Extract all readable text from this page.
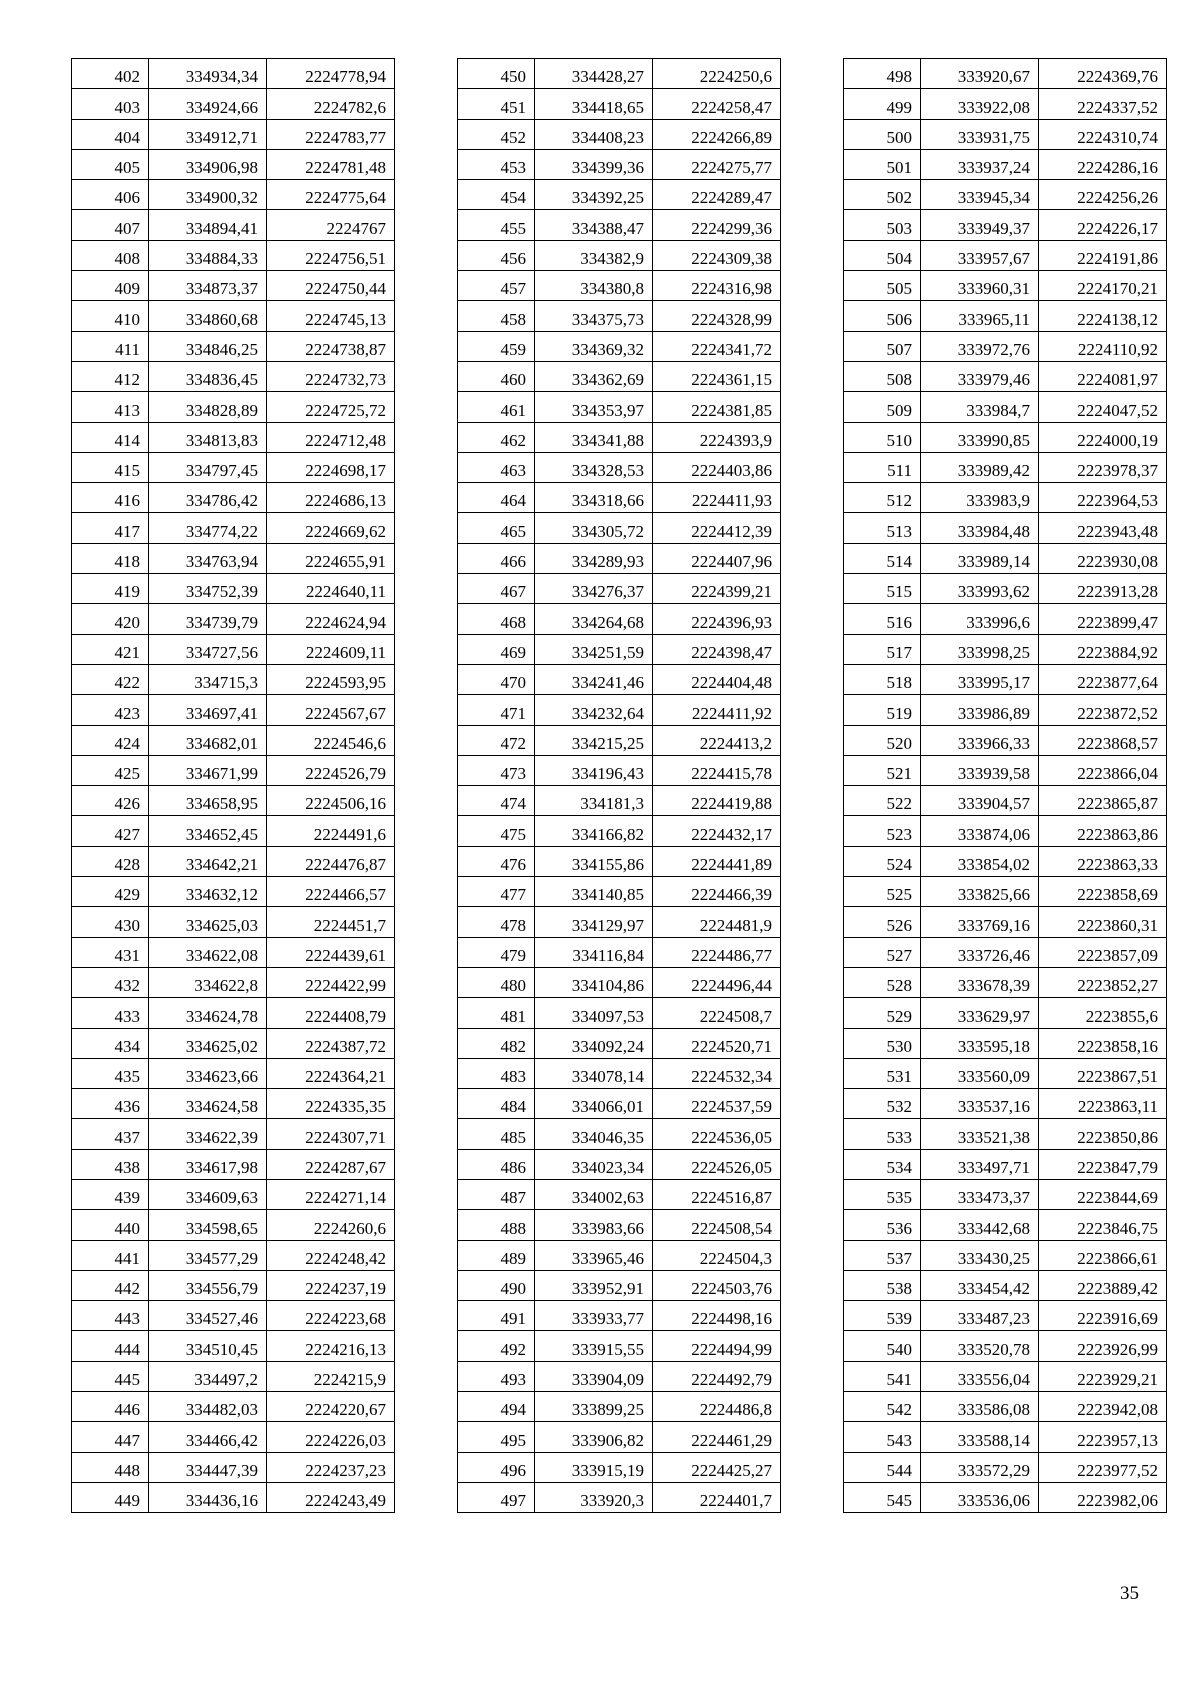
402	334934,34	2224778,94
403	334924,66	2224782,6
404	334912,71	2224783,77
405	334906,98	2224781,48
406	334900,32	2224775,64
407	334894,41	2224767
408	334884,33	2224756,51
409	334873,37	2224750,44
410	334860,68	2224745,13
411	334846,25	2224738,87
412	334836,45	2224732,73
413	334828,89	2224725,72
414	334813,83	2224712,48
415	334797,45	2224698,17
416	334786,42	2224686,13
417	334774,22	2224669,62
418	334763,94	2224655,91
419	334752,39	2224640,11
420	334739,79	2224624,94
421	334727,56	2224609,11
422	334715,3	2224593,95
423	334697,41	2224567,67
424	334682,01	2224546,6
425	334671,99	2224526,79
426	334658,95	2224506,16
427	334652,45	2224491,6
428	334642,21	2224476,87
429	334632,12	2224466,57
430	334625,03	2224451,7
431	334622,08	2224439,61
432	334622,8	2224422,99
433	334624,78	2224408,79
434	334625,02	2224387,72
435	334623,66	2224364,21
436	334624,58	2224335,35
437	334622,39	2224307,71
438	334617,98	2224287,67
439	334609,63	2224271,14
440	334598,65	2224260,6
441	334577,29	2224248,42
442	334556,79	2224237,19
443	334527,46	2224223,68
444	334510,45	2224216,13
445	334497,2	2224215,9
446	334482,03	2224220,67
447	334466,42	2224226,03
448	334447,39	2224237,23
449	334436,16	2224243,49
450	334428,27	2224250,6
451	334418,65	2224258,47
452	334408,23	2224266,89
453	334399,36	2224275,77
454	334392,25	2224289,47
455	334388,47	2224299,36
456	334382,9	2224309,38
457	334380,8	2224316,98
458	334375,73	2224328,99
459	334369,32	2224341,72
460	334362,69	2224361,15
461	334353,97	2224381,85
462	334341,88	2224393,9
463	334328,53	2224403,86
464	334318,66	2224411,93
465	334305,72	2224412,39
466	334289,93	2224407,96
467	334276,37	2224399,21
468	334264,68	2224396,93
469	334251,59	2224398,47
470	334241,46	2224404,48
471	334232,64	2224411,92
472	334215,25	2224413,2
473	334196,43	2224415,78
474	334181,3	2224419,88
475	334166,82	2224432,17
476	334155,86	2224441,89
477	334140,85	2224466,39
478	334129,97	2224481,9
479	334116,84	2224486,77
480	334104,86	2224496,44
481	334097,53	2224508,7
482	334092,24	2224520,71
483	334078,14	2224532,34
484	334066,01	2224537,59
485	334046,35	2224536,05
486	334023,34	2224526,05
487	334002,63	2224516,87
488	333983,66	2224508,54
489	333965,46	2224504,3
490	333952,91	2224503,76
491	333933,77	2224498,16
492	333915,55	2224494,99
493	333904,09	2224492,79
494	333899,25	2224486,8
495	333906,82	2224461,29
496	333915,19	2224425,27
497	333920,3	2224401,7
498	333920,67	2224369,76
499	333922,08	2224337,52
500	333931,75	2224310,74
501	333937,24	2224286,16
502	333945,34	2224256,26
503	333949,37	2224226,17
504	333957,67	2224191,86
505	333960,31	2224170,21
506	333965,11	2224138,12
507	333972,76	2224110,92
508	333979,46	2224081,97
509	333984,7	2224047,52
510	333990,85	2224000,19
511	333989,42	2223978,37
512	333983,9	2223964,53
513	333984,48	2223943,48
514	333989,14	2223930,08
515	333993,62	2223913,28
516	333996,6	2223899,47
517	333998,25	2223884,92
518	333995,17	2223877,64
519	333986,89	2223872,52
520	333966,33	2223868,57
521	333939,58	2223866,04
522	333904,57	2223865,87
523	333874,06	2223863,86
524	333854,02	2223863,33
525	333825,66	2223858,69
526	333769,16	2223860,31
527	333726,46	2223857,09
528	333678,39	2223852,27
529	333629,97	2223855,6
530	333595,18	2223858,16
531	333560,09	2223867,51
532	333537,16	2223863,11
533	333521,38	2223850,86
534	333497,71	2223847,79
535	333473,37	2223844,69
536	333442,68	2223846,75
537	333430,25	2223866,61
538	333454,42	2223889,42
539	333487,23	2223916,69
540	333520,78	2223926,99
541	333556,04	2223929,21
542	333586,08	2223942,08
543	333588,14	2223957,13
544	333572,29	2223977,52
545	333536,06	2223982,06
35
